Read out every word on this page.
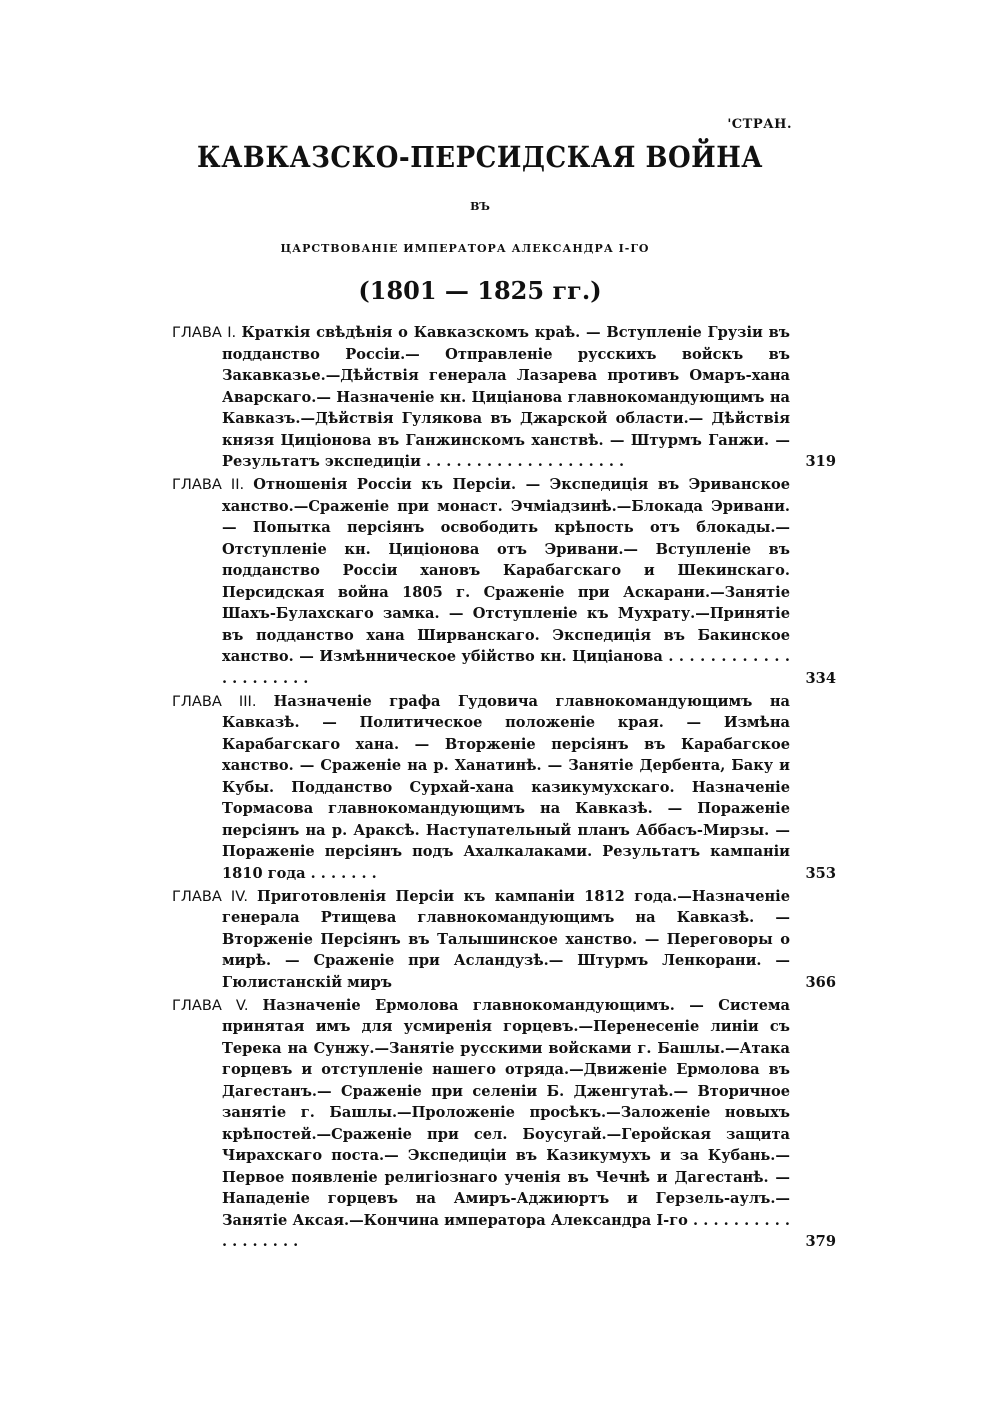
'СТРАН.
КАВКАЗСКО-ПЕРСИДСКАЯ ВОЙНА
ВЪ
ЦАРСТВОВАНІЕ ИМПЕРАТОРА АЛЕКСАНДРА I-ГО
(1801 — 1825 гг.)
ГЛАВА I. Краткія свѣдѣнія о Кавказскомъ краѣ. — Вступленіе Грузіи въ подданство Россіи.— Отправленіе русскихъ войскъ въ Закавказье.—Дѣйствія генерала Лазарева противъ Омаръ-хана Аварскаго.— Назначеніе кн. Циціанова главнокомандующимъ на Кавказъ.—Дѣйствія Гулякова въ Джарской области.— Дѣйствія князя Циціонова въ Ганжинскомъ ханствѣ. — Штурмъ Ганжи. — Результатъ экспедиціи . . . . . . . . . . . . . . . . . . . .	319
ГЛАВА II. Отношенія Россіи къ Персіи. — Экспедиція въ Эриванское ханство.—Сраженіе при монаст. Эчміадзинѣ.—Блокада Эривани.— Попытка персіянъ освободить крѣпость отъ блокады.—Отступленіе кн. Циціонова отъ Эривани.— Вступленіе въ подданство Россіи хановъ Карабагскаго и Шекинскаго. Персидская война 1805 г. Сраженіе при Аскарани.—Занятіе Шахъ-Булахскаго замка. — Отступленіе къ Мухрату.—Принятіе въ подданство хана Ширванскаго. Экспедиція въ Бакинское ханство. — Измѣнническое убійство кн. Циціанова . . . . . . . . . . . . . . . . . . . . .	334
ГЛАВА III. Назначеніе графа Гудовича главнокомандующимъ на Кавказѣ. — Политическое положеніе края. — Измѣна Карабагскаго хана. — Вторженіе персіянъ въ Карабагское ханство. — Сраженіе на р. Ханатинѣ. — Занятіе Дербента, Баку и Кубы. Подданство Сурхай-хана казикумухскаго. Назначеніе Тормасова главнокомандующимъ на Кавказѣ. — Пораженіе персіянъ на р. Араксѣ. Наступательный планъ Аббасъ-Мирзы. — Пораженіе персіянъ подъ Ахалкалаками. Результатъ кампаніи 1810 года . . . . . . .	353
ГЛАВА IV. Приготовленія Персіи къ кампаніи 1812 года.—Назначеніе генерала Ртищева главнокомандующимъ на Кавказѣ. — Вторженіе Персіянъ въ Талышинское ханство. — Переговоры о мирѣ. — Сраженіе при Асландузѣ.— Штурмъ Ленкорани. — Гюлистанскій миръ	366
ГЛАВА V. Назначеніе Ермолова главнокомандующимъ. — Система принятая имъ для усмиренія горцевъ.—Перенесеніе линіи съ Терека на Сунжу.—Занятіе русскими войсками г. Башлы.—Атака горцевъ и отступленіе нашего отряда.—Движеніе Ермолова въ Дагестанъ.— Сраженіе при селеніи Б. Дженгутаѣ.— Вторичное занятіе г. Башлы.—Проложеніе просѣкъ.—Заложеніе новыхъ крѣпостей.—Сраженіе при сел. Боусугай.—Геройская защита Чирахскаго поста.— Экспедиціи въ Казикумухъ и за Кубань.—Первое появленіе религіознаго ученія въ Чечнѣ и Дагестанѣ. — Нападеніе горцевъ на Амиръ-Аджиюртъ и Герзель-аулъ.—Занятіе Аксая.—Кончина императора Александра I-го . . . . . . . . . . . . . . . . . .	379
